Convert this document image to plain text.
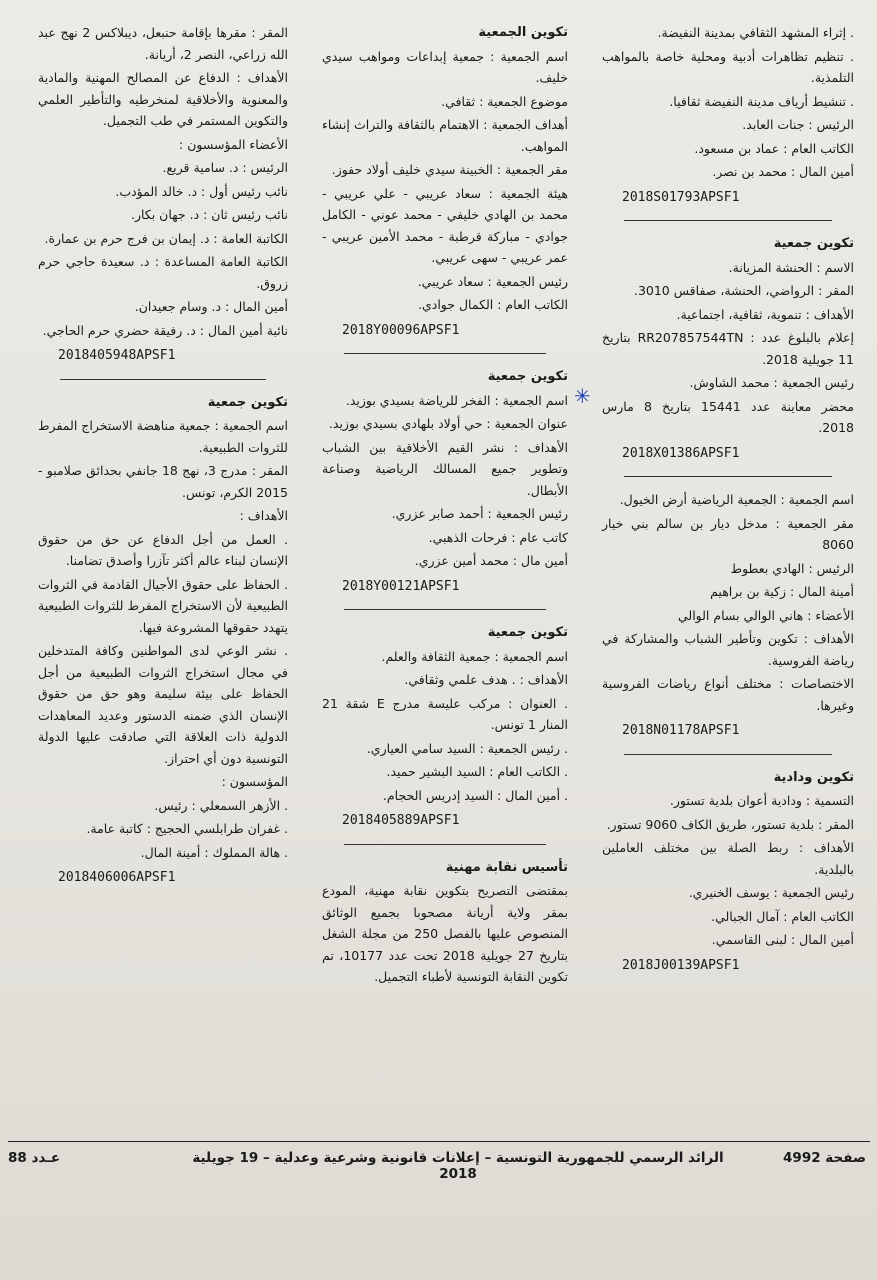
. إثراء المشهد الثقافي بمدينة النفيضة.

. تنظيم تظاهرات أدبية ومحلية خاصة بالمواهب التلمذية.

. تنشيط أرياف مدينة النفيضة ثقافيا.

الرئيس : جنات العابد.

الكاتب العام : عماد بن مسعود.

أمين المال : محمد بن نصر.

2018S01793APSF1

تكوين جمعية

الاسم : الحنشة المزيانة.

المقر : الرواضي، الحنشة، صفاقس 3010.

الأهداف : تنموية، ثقافية، اجتماعية.

إعلام بالبلوغ عدد : RR207857544TN بتاريخ 11 جويلية 2018.

رئيس الجمعية : محمد الشاوش.

محضر معاينة عدد 15441 بتاريخ 8 مارس 2018.

2018X01386APSF1

اسم الجمعية : الجمعية الرياضية أرض الخيول.

مقر الجمعية : مدخل ديار بن سالم بني خيار 8060

الرئيس : الهادي بعطوط

أمينة المال : زكية بن براهيم

الأعضاء : هاني الوالي بسام الوالي

الأهداف : تكوين وتأطير الشباب والمشاركة في رياضة الفروسية.

الاختصاصات : مختلف أنواع رياضات الفروسية وغيرها.

2018N01178APSF1

تكوين ودادية

التسمية : ودادية أعوان بلدية تستور.

المقر : بلدية تستور، طريق الكاف 9060 تستور.

الأهداف : ربط الصلة بين مختلف العاملين بالبلدية.

رئيس الجمعية : يوسف الخنيري.

الكاتب العام : آمال الجبالي.

أمين المال : لبنى القاسمي.

2018J00139APSF1
✳

تكوين الجمعية

اسم الجمعية : جمعية إبداعات ومواهب سيدي خليف.

موضوع الجمعية : ثقافي.

أهداف الجمعية : الاهتمام بالثقافة والتراث إنشاء المواهب.

مقر الجمعية : الخبينة سيدي خليف أولاد حفوز.

هيئة الجمعية : سعاد عريبي - علي عريبي - محمد بن الهادي خليفي - محمد عوني - الكامل جوادي - مباركة قرطبة - محمد الأمين عريبي - عمر عريبي - سهى عريبي.

رئيس الجمعية : سعاد عريبي.

الكاتب العام : الكمال جوادي.

2018Y00096APSF1

تكوين جمعية

اسم الجمعية : الفخر للرياضة بسيدي بوزيد.

عنوان الجمعية : حي أولاد بلهادي بسيدي بوزيد.

الأهداف : نشر القيم الأخلاقية بين الشباب وتطوير جميع المسالك الرياضية وصناعة الأبطال.

رئيس الجمعية : أحمد صابر عزري.

كاتب عام : فرحات الذهبي.

أمين مال : محمد أمين عزري.

2018Y00121APSF1

تكوين جمعية

اسم الجمعية : جمعية الثقافة والعلم.

الأهداف : . هدف علمي وثقافي.

. العنوان : مركب عليسة مدرج E شقة 21 المنار 1 تونس.

. رئيس الجمعية : السيد سامي العياري.

. الكاتب العام : السيد البشير حميد.

. أمين المال : السيد إدريس الحجام.

2018405889APSF1

تأسيس نقابة مهنية

بمقتضى التصريح بتكوين نقابة مهنية، المودع بمقر ولاية أريانة مصحوبا بجميع الوثائق المنصوص عليها بالفصل 250 من مجلة الشغل بتاريخ 27 جويلية 2018 تحت عدد 10177، تم تكوين النقابة التونسية لأطباء التجميل.

المقر : مقرها بإقامة حنبعل، ديبلاكس 2 نهج عبد الله زراعي، النصر 2، أريانة.

الأهداف : الدفاع عن المصالح المهنية والمادية والمعنوية والأخلاقية لمنخرطيه والتأطير العلمي والتكوين المستمر في طب التجميل.

الأعضاء المؤسسون :

الرئيس : د. سامية قريع.

نائب رئيس أول : د. خالد المؤدب.

نائب رئيس ثان : د. جهان بكار.

الكاتبة العامة : د. إيمان بن فرج حرم بن عمارة.

الكاتبة العامة المساعدة : د. سعيدة حاجي حرم زروق.

أمين المال : د. وسام جعيدان.

نائبة أمين المال : د. رفيقة حضري حرم الحاجي.

2018405948APSF1

تكوين جمعية

اسم الجمعية : جمعية مناهضة الاستخراج المفرط للثروات الطبيعية.

المقر : مدرج 3، نهج 18 جانفي بحدائق صلامبو - 2015 الكرم، تونس.

الأهداف :

. العمل من أجل الدفاع عن حق من حقوق الإنسان لبناء عالم أكثر تآزرا وأصدق تضامنا.

. الحفاظ على حقوق الأجيال القادمة في الثروات الطبيعية لأن الاستخراج المفرط للثروات الطبيعية يتهدد حقوقها المشروعة فيها.

. نشر الوعي لدى المواطنين وكافة المتدخلين في مجال استخراج الثروات الطبيعية من أجل الحفاظ على بيئة سليمة وهو حق من حقوق الإنسان الذي ضمنه الدستور وعديد المعاهدات الدولية ذات العلاقة التي صادقت عليها الدولة التونسية دون أي احتراز.

المؤسسون :

. الأزهر السمعلي : رئيس.

. غفران طرابلسي الحجيج : كاتبة عامة.

. هالة المملوك : أمينة المال.

2018406006APSF1
صفحة 4992
الرائد الرسمي للجمهورية التونسية – إعلانات قانونية وشرعية وعدلية – 19 جويلية 2018
عـدد 88
